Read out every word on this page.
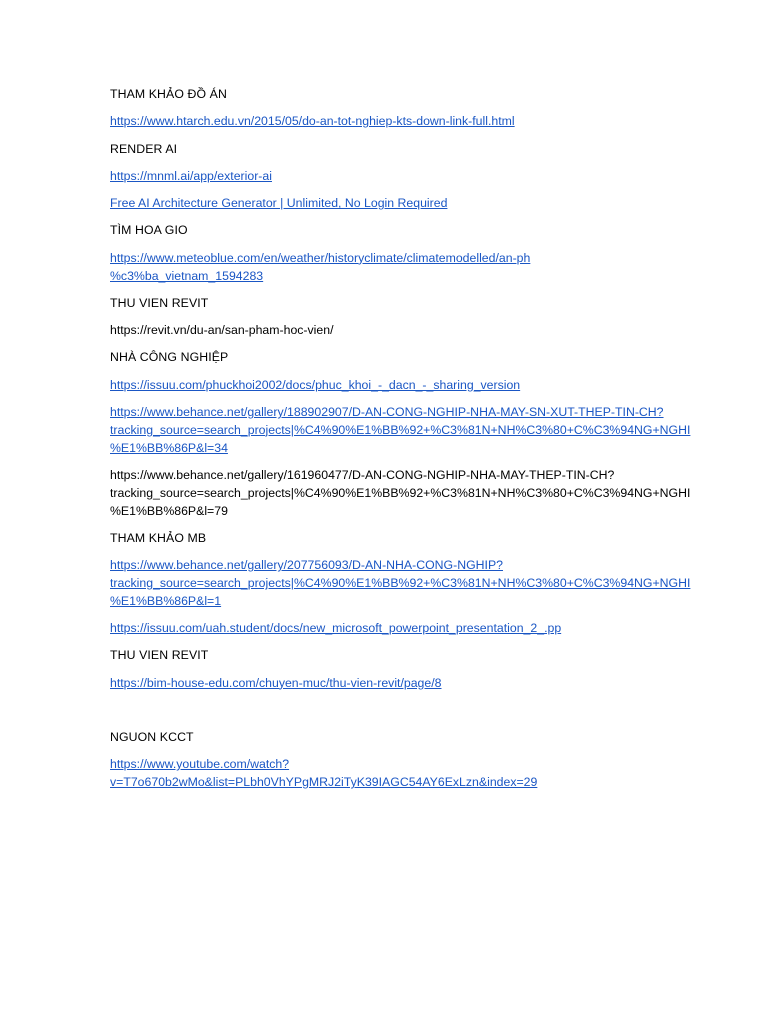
THAM KHẢO ĐỒ ÁN

https://www.htarch.edu.vn/2015/05/do-an-tot-nghiep-kts-down-link-full.html

RENDER AI

https://mnml.ai/app/exterior-ai

Free AI Architecture Generator | Unlimited, No Login Required

TÌM HOA GIO

https://www.meteoblue.com/en/weather/historyclimate/climatemodelled/an-ph
%c3%ba_vietnam_1594283

THU VIEN REVIT

https://revit.vn/du-an/san-pham-hoc-vien/

NHÀ CÔNG NGHIỆP

https://issuu.com/phuckhoi2002/docs/phuc_khoi_-_dacn_-_sharing_version

https://www.behance.net/gallery/188902907/D-AN-CONG-NGHIP-NHA-MAY-SN-XUT-THEP-TIN-CH?
tracking_source=search_projects|%C4%90%E1%BB%92+%C3%81N+NH%C3%80+C%C3%94NG+NGHI
%E1%BB%86P&l=34

https://www.behance.net/gallery/161960477/D-AN-CONG-NGHIP-NHA-MAY-THEP-TIN-CH?
tracking_source=search_projects|%C4%90%E1%BB%92+%C3%81N+NH%C3%80+C%C3%94NG+NGHI
%E1%BB%86P&l=79

THAM KHẢO MB

https://www.behance.net/gallery/207756093/D-AN-NHA-CONG-NGHIP?
tracking_source=search_projects|%C4%90%E1%BB%92+%C3%81N+NH%C3%80+C%C3%94NG+NGHI
%E1%BB%86P&l=1

https://issuu.com/uah.student/docs/new_microsoft_powerpoint_presentation_2_.pp

THU VIEN REVIT

https://bim-house-edu.com/chuyen-muc/thu-vien-revit/page/8

NGUON KCCT

https://www.youtube.com/watch?
v=T7o670b2wMo&list=PLbh0VhYPgMRJ2iTyK39IAGC54AY6ExLzn&index=29
